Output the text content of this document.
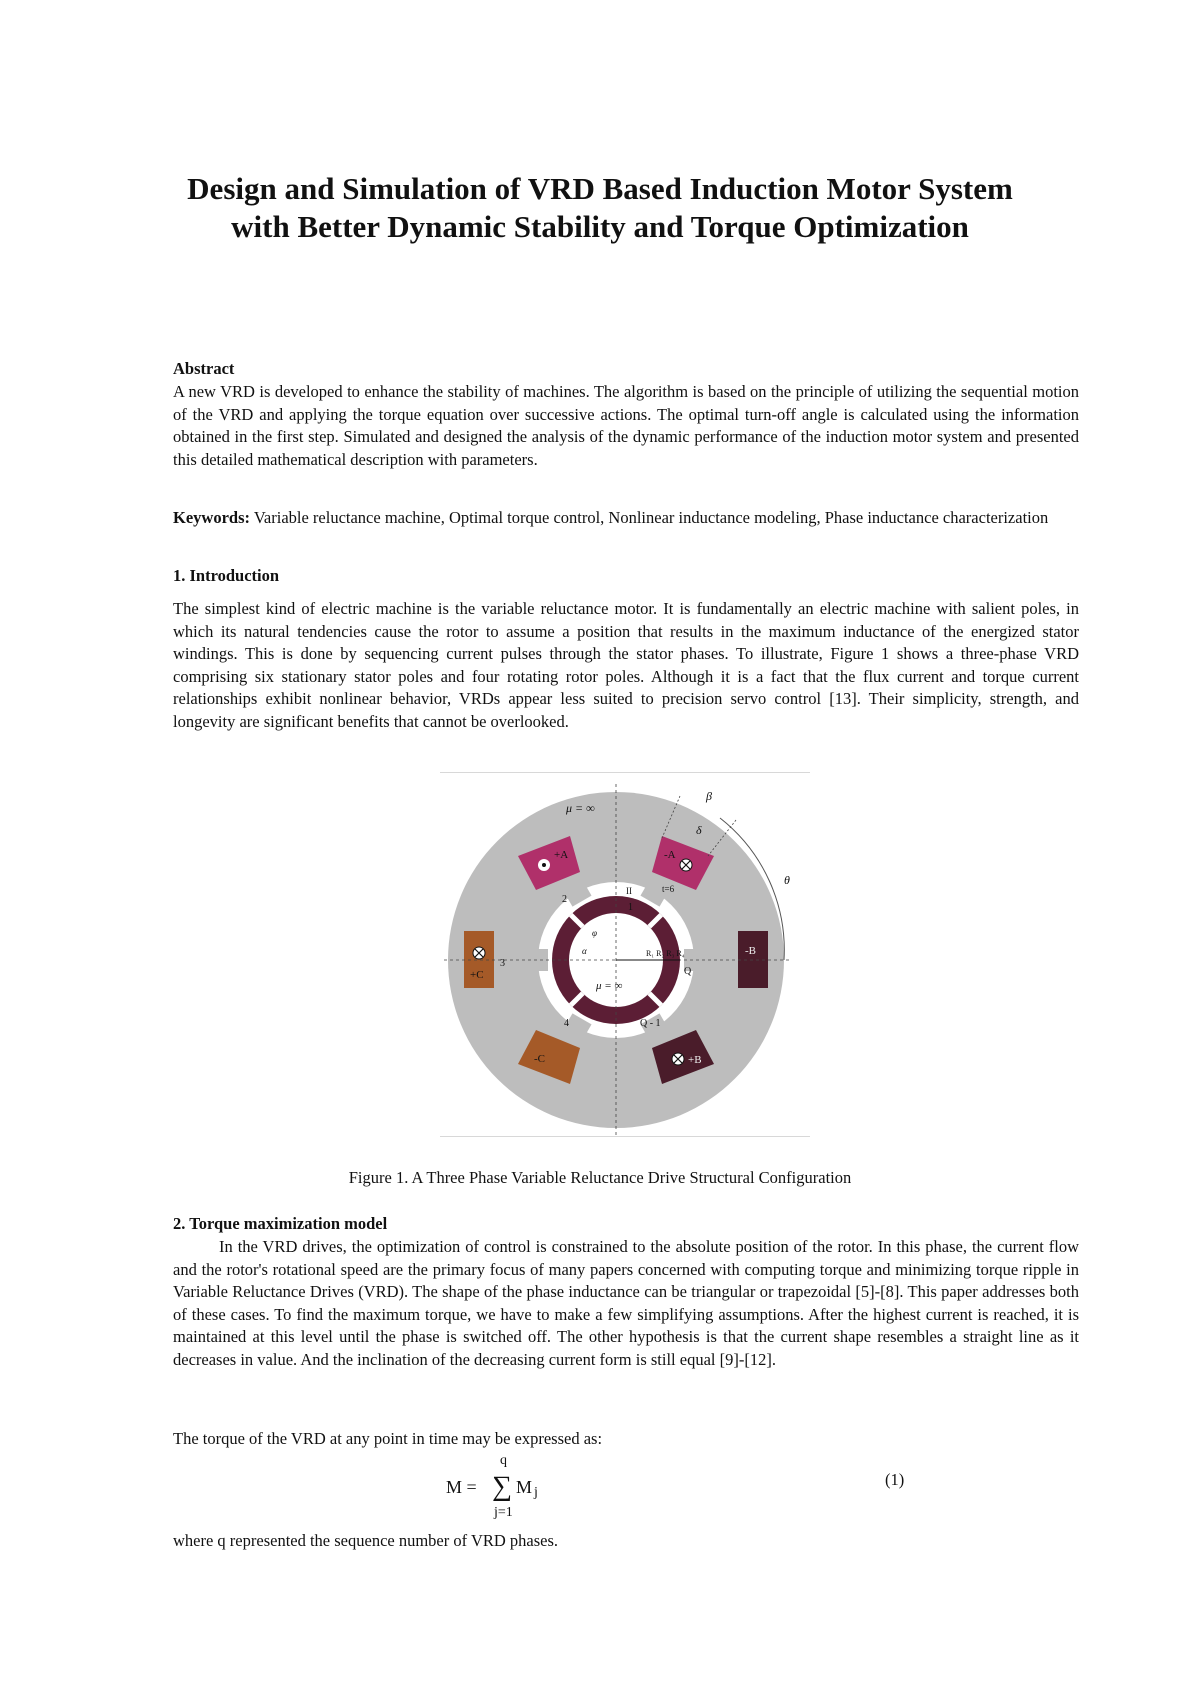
Design and Simulation of VRD Based Induction Motor System
with Better Dynamic Stability and Torque Optimization
Abstract
A new VRD is developed to enhance the stability of machines. The algorithm is based on the principle of utilizing the sequential motion of the VRD and applying the torque equation over successive actions. The optimal turn-off angle is calculated using the information obtained in the first step. Simulated and designed the analysis of the dynamic performance of the induction motor system and presented this detailed mathematical description with parameters.
Keywords: Variable reluctance machine, Optimal torque control, Nonlinear inductance modeling, Phase inductance characterization
1. Introduction
The simplest kind of electric machine is the variable reluctance motor. It is fundamentally an electric machine with salient poles, in which its natural tendencies cause the rotor to assume a position that results in the maximum inductance of the energized stator windings. This is done by sequencing current pulses through the stator phases. To illustrate, Figure 1 shows a three-phase VRD comprising six stationary stator poles and four rotating rotor poles. Although it is a fact that the flux current and torque current relationships exhibit nonlinear behavior, VRDs appear less suited to precision servo control [13]. Their simplicity, strength, and longevity are significant benefits that cannot be overlooked.
+A	-A
+C
-B
-C	+B
μ = ∞
μ = ∞
β
δ
θ
2
3
4
1
II	t=6
Q
Q - 1
R₁ R₂ R₃ R₄
α
φ
Figure 1. A Three Phase Variable Reluctance Drive Structural Configuration
2. Torque maximization model
In the VRD drives, the optimization of control is constrained to the absolute position of the rotor. In this phase, the current flow and the rotor's rotational speed are the primary focus of many papers concerned with computing torque and minimizing torque ripple in Variable Reluctance Drives (VRD). The shape of the phase inductance can be triangular or trapezoidal [5]-[8]. This paper addresses both of these cases. To find the maximum torque, we have to make a few simplifying assumptions. After the highest current is reached, it is maintained at this level until the phase is switched off. The other hypothesis is that the current shape resembles a straight line as it decreases in value. And the inclination of the decreasing current form is still equal [9]-[12].
The torque of the VRD at any point in time may be expressed as:
M = ∑
q
j=1
M j
(1)
where q represented the sequence number of VRD phases.
